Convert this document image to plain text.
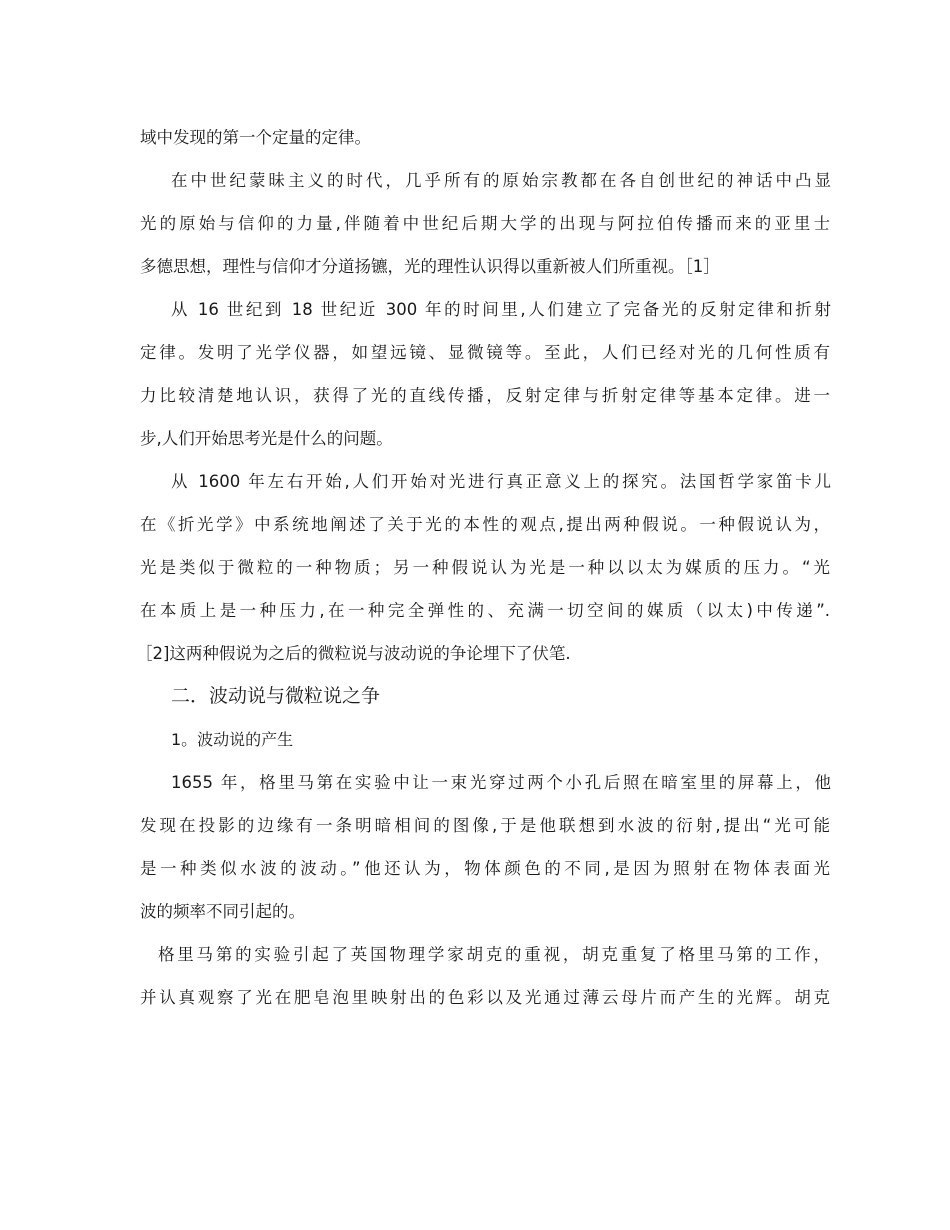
域中发现的第一个定量的定律。
在中世纪蒙昧主义的时代，几乎所有的原始宗教都在各自创世纪的神话中凸显
光的原始与信仰的力量,伴随着中世纪后期大学的出现与阿拉伯传播而来的亚里士
多德思想，理性与信仰才分道扬镳，光的理性认识得以重新被人们所重视。［1］
从 16 世纪到 18 世纪近 300 年的时间里,人们建立了完备光的反射定律和折射
定律。发明了光学仪器，如望远镜、显微镜等。至此，人们已经对光的几何性质有
力比较清楚地认识，获得了光的直线传播，反射定律与折射定律等基本定律。进一
步,人们开始思考光是什么的问题。
从 1600 年左右开始,人们开始对光进行真正意义上的探究。法国哲学家笛卡儿
在《折光学》中系统地阐述了关于光的本性的观点,提出两种假说。一种假说认为，
光是类似于微粒的一种物质；另一种假说认为光是一种以以太为媒质的压力。“光
在本质上是一种压力,在一种完全弹性的、充满一切空间的媒质（以太)中传递”.
［2]这两种假说为之后的微粒说与波动说的争论埋下了伏笔.
二．波动说与微粒说之争
1。波动说的产生
1655 年，格里马第在实验中让一束光穿过两个小孔后照在暗室里的屏幕上，他
发现在投影的边缘有一条明暗相间的图像,于是他联想到水波的衍射,提出“光可能
是一种类似水波的波动。”他还认为，物体颜色的不同,是因为照射在物体表面光
波的频率不同引起的。
格里马第的实验引起了英国物理学家胡克的重视，胡克重复了格里马第的工作，
并认真观察了光在肥皂泡里映射出的色彩以及光通过薄云母片而产生的光辉。胡克
